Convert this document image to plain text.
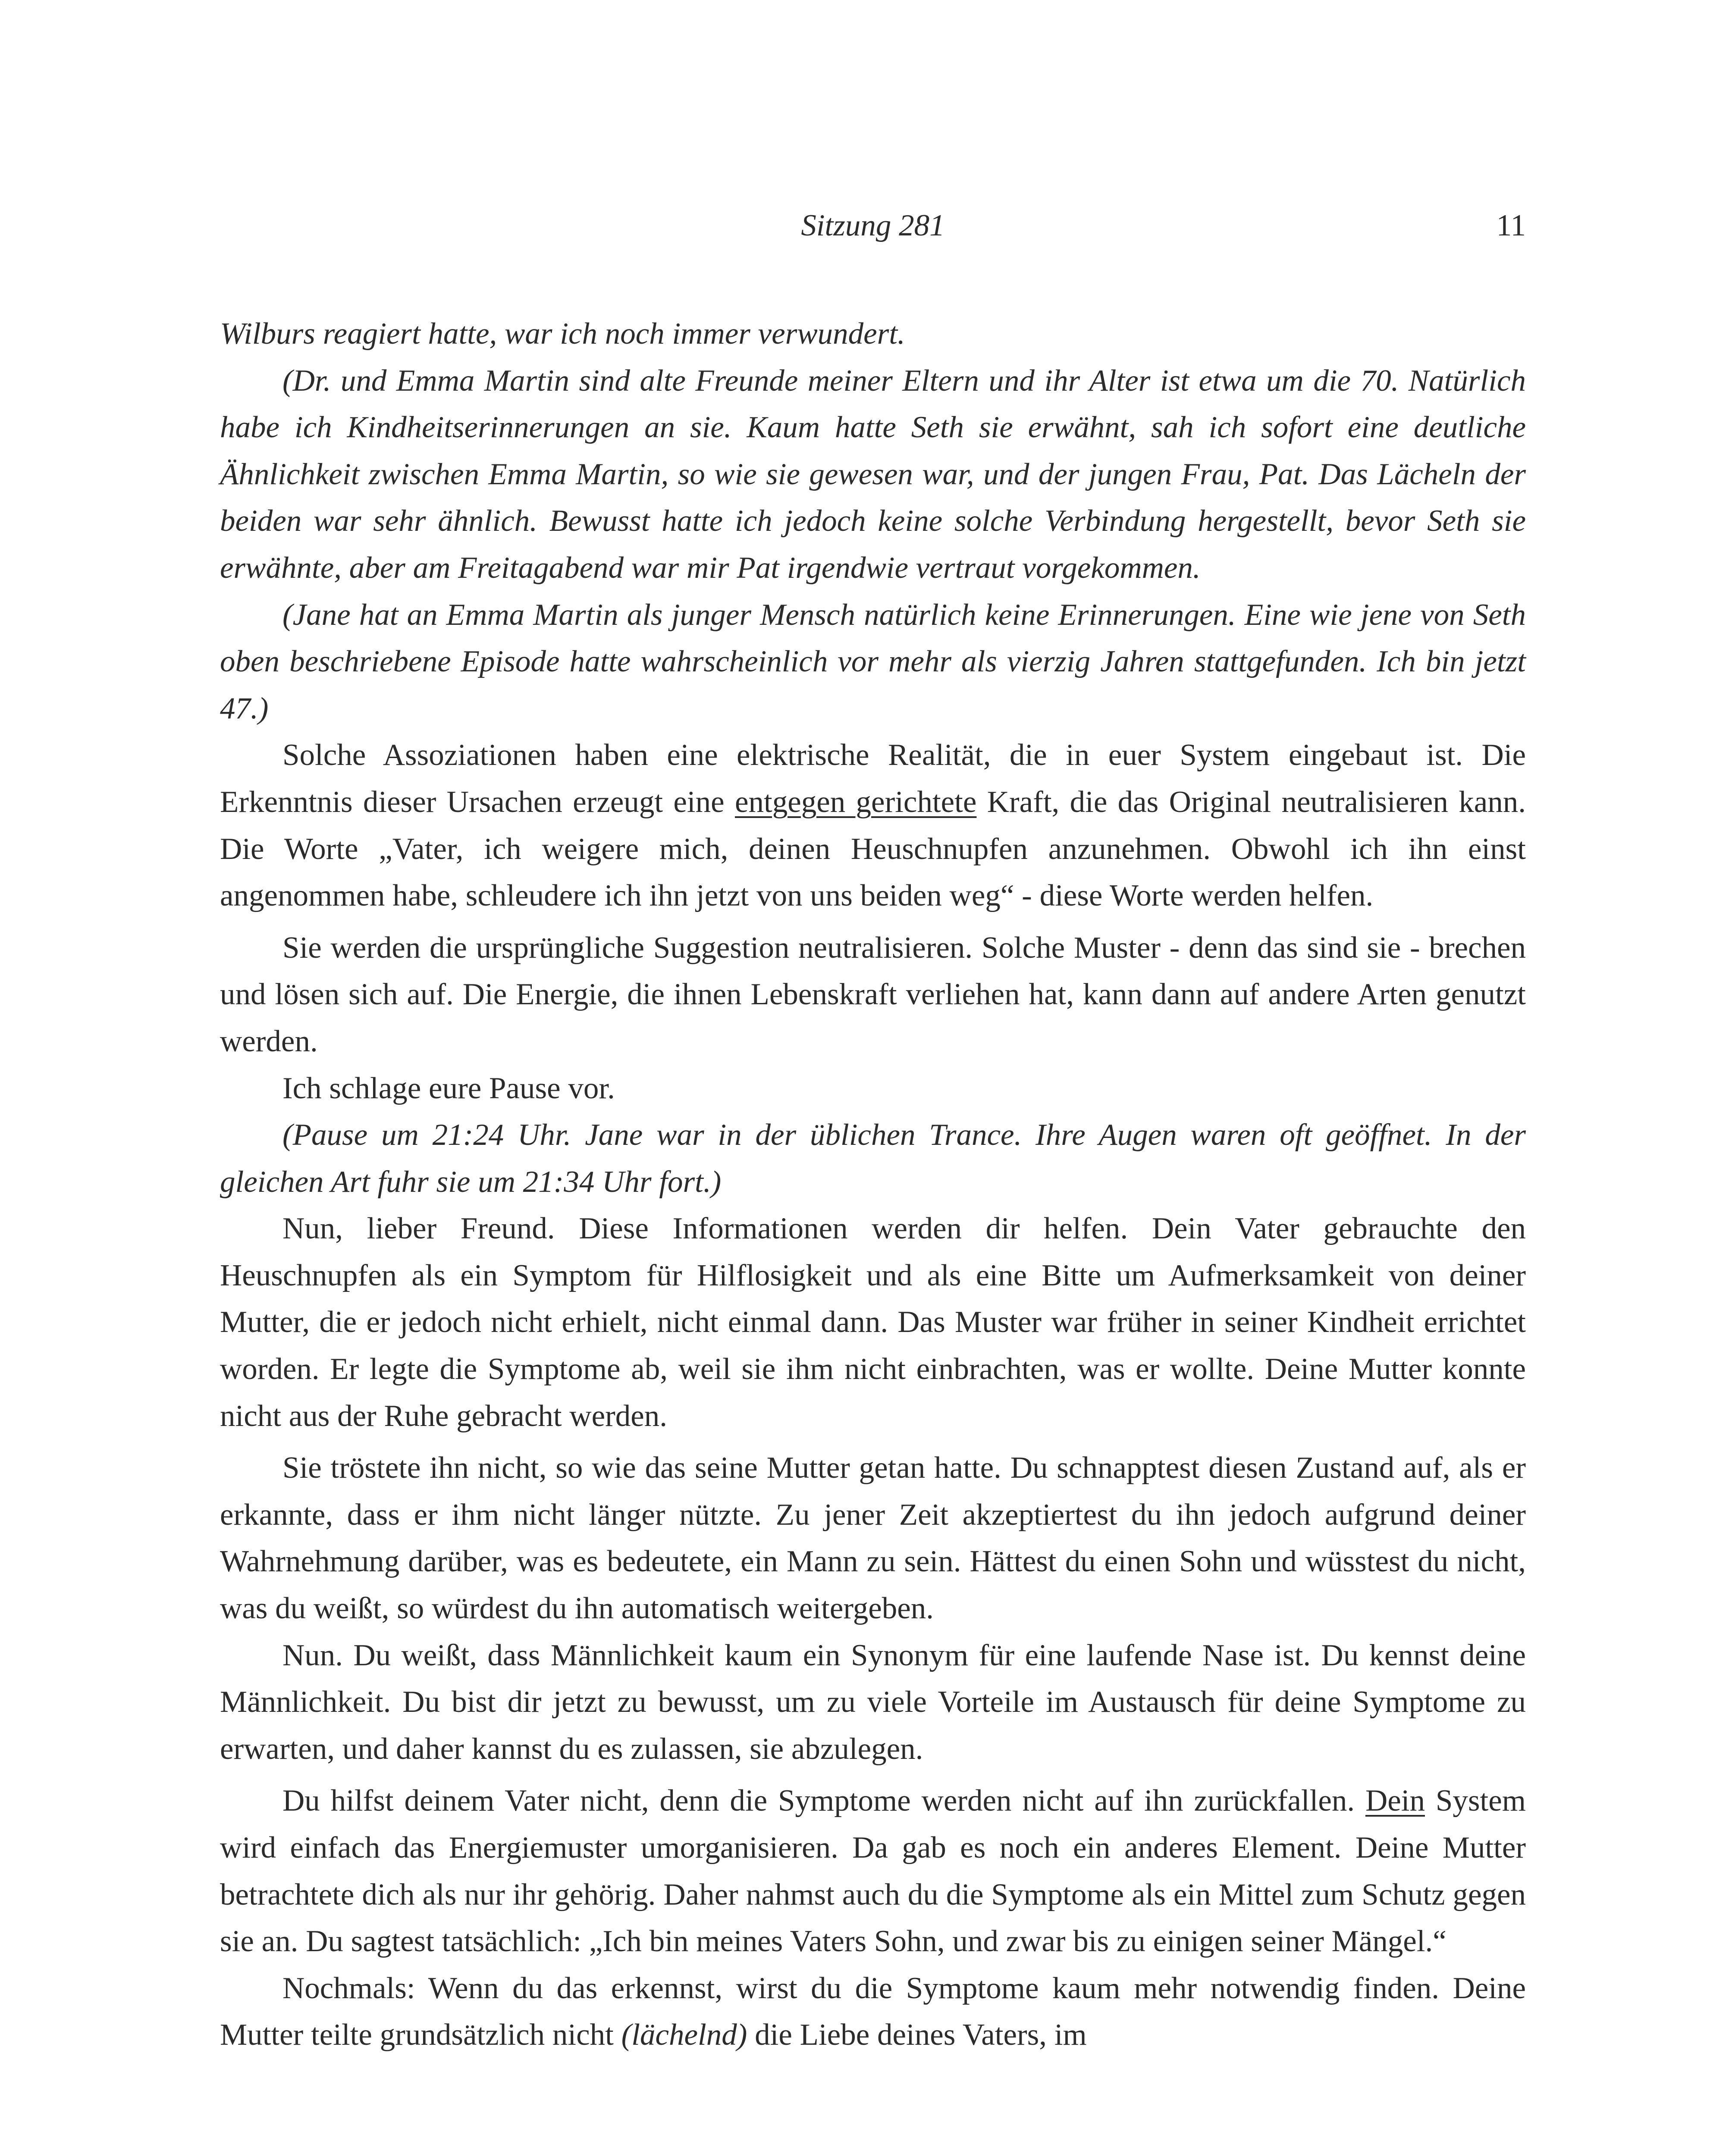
Sitzung 281	11

Wilburs reagiert hatte, war ich noch immer verwundert.

(Dr. und Emma Martin sind alte Freunde meiner Eltern und ihr Alter ist etwa um die 70. Natürlich habe ich Kindheitserinnerungen an sie. Kaum hatte Seth sie erwähnt, sah ich sofort eine deutliche Ähnlichkeit zwischen Emma Martin, so wie sie gewesen war, und der jungen Frau, Pat. Das Lächeln der beiden war sehr ähnlich. Bewusst hatte ich jedoch keine solche Verbindung hergestellt, bevor Seth sie erwähnte, aber am Freitagabend war mir Pat irgendwie vertraut vorgekommen.

(Jane hat an Emma Martin als junger Mensch natürlich keine Erinnerungen. Eine wie jene von Seth oben beschriebene Episode hatte wahrscheinlich vor mehr als vierzig Jahren stattgefunden. Ich bin jetzt 47.)

Solche Assoziationen haben eine elektrische Realität, die in euer System eingebaut ist. Die Erkenntnis dieser Ursachen erzeugt eine entgegen gerichtete Kraft, die das Original neutralisieren kann. Die Worte „Vater, ich weigere mich, deinen Heuschnupfen anzunehmen. Obwohl ich ihn einst angenommen habe, schleudere ich ihn jetzt von uns beiden weg“ - diese Worte werden helfen.

Sie werden die ursprüngliche Suggestion neutralisieren. Solche Muster - denn das sind sie - brechen und lösen sich auf. Die Energie, die ihnen Lebenskraft verliehen hat, kann dann auf andere Arten genutzt werden.

Ich schlage eure Pause vor.

(Pause um 21:24 Uhr. Jane war in der üblichen Trance. Ihre Augen waren oft geöffnet. In der gleichen Art fuhr sie um 21:34 Uhr fort.)

Nun, lieber Freund. Diese Informationen werden dir helfen. Dein Vater gebrauchte den Heuschnupfen als ein Symptom für Hilflosigkeit und als eine Bitte um Aufmerksamkeit von deiner Mutter, die er jedoch nicht erhielt, nicht einmal dann. Das Muster war früher in seiner Kindheit errichtet worden. Er legte die Symptome ab, weil sie ihm nicht einbrachten, was er wollte. Deine Mutter konnte nicht aus der Ruhe gebracht werden.

Sie tröstete ihn nicht, so wie das seine Mutter getan hatte. Du schnapptest diesen Zustand auf, als er erkannte, dass er ihm nicht länger nützte. Zu jener Zeit akzeptiertest du ihn jedoch aufgrund deiner Wahrnehmung darüber, was es bedeutete, ein Mann zu sein. Hättest du einen Sohn und wüsstest du nicht, was du weißt, so würdest du ihn automatisch weitergeben.

Nun. Du weißt, dass Männlichkeit kaum ein Synonym für eine laufende Nase ist. Du kennst deine Männlichkeit. Du bist dir jetzt zu bewusst, um zu viele Vorteile im Austausch für deine Symptome zu erwarten, und daher kannst du es zulassen, sie abzulegen.

Du hilfst deinem Vater nicht, denn die Symptome werden nicht auf ihn zurückfallen. Dein System wird einfach das Energiemuster umorganisieren. Da gab es noch ein anderes Element. Deine Mutter betrachtete dich als nur ihr gehörig. Daher nahmst auch du die Symptome als ein Mittel zum Schutz gegen sie an. Du sagtest tatsächlich: „Ich bin meines Vaters Sohn, und zwar bis zu einigen seiner Mängel.“

Nochmals: Wenn du das erkennst, wirst du die Symptome kaum mehr notwendig finden. Deine Mutter teilte grundsätzlich nicht (lächelnd) die Liebe deines Vaters, im
